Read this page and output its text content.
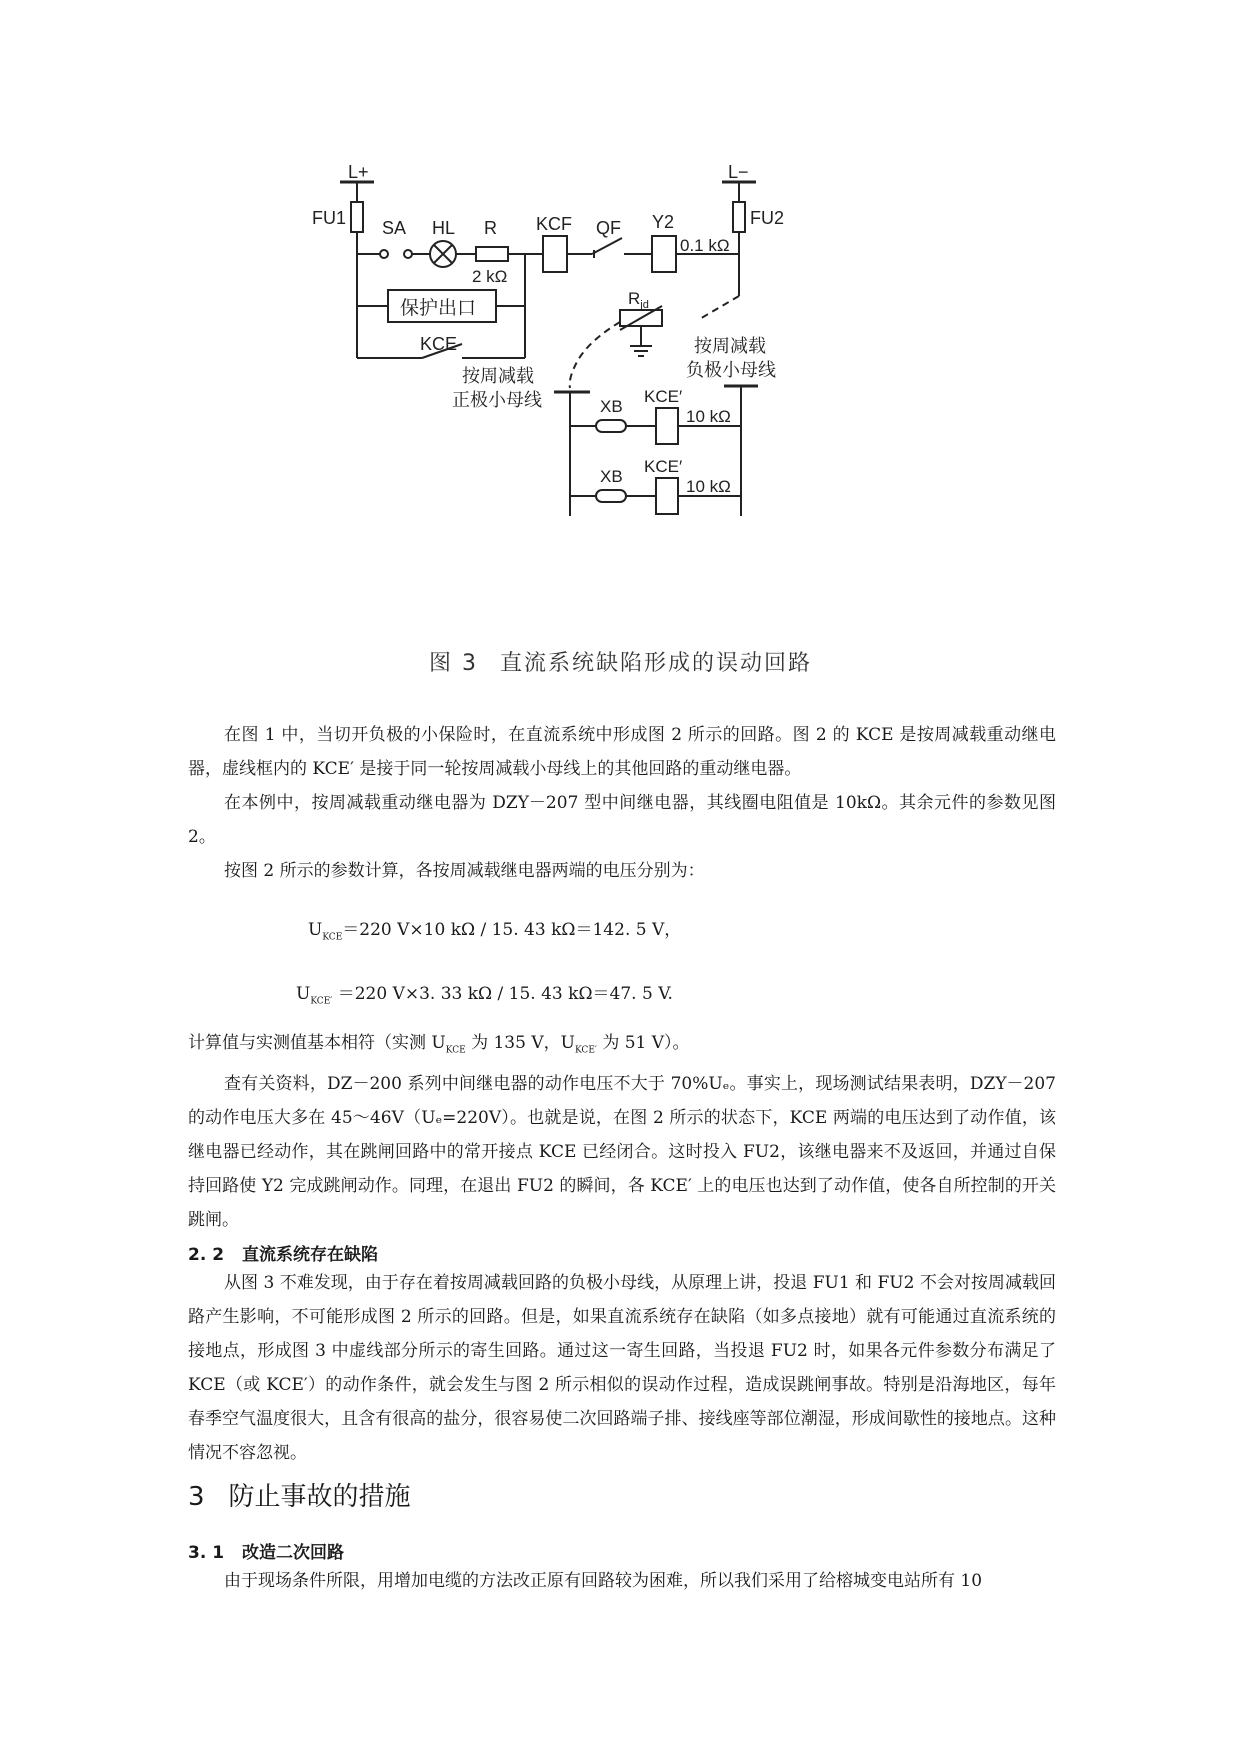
L+	L−
FU1	FU2
SA HL R
2 kΩ
KCF QF Y2
0.1 kΩ
保护出口
KCE
$R_{jd}$
按周减载
正极小母线
按周减载
负极小母线
XB
KCE′
10 kΩ
XB
KCE′
10 kΩ
图 3 直流系统缺陷形成的误动回路

在图 1 中，当切开负极的小保险时，在直流系统中形成图 2 所示的回路。图 2 的 KCE 是按周减载重动继电器，虚线框内的 KCE′ 是接于同一轮按周减载小母线上的其他回路的重动继电器。

在本例中，按周减载重动继电器为 DZY－207 型中间继电器，其线圈电阻值是 10kΩ。其余元件的参数见图 2。

按图 2 所示的参数计算，各按周减载继电器两端的电压分别为：

$U_{KCE}=220$ V×10 kΩ / 15. 43 kΩ＝142. 5 V，
$U_{KCE'} =220$ V×3. 33 kΩ / 15. 43 kΩ＝47. 5 V.

计算值与实测值基本相符（实测 $U_{KCE}$ 为 135 V，$U_{KCE'}$ 为 51 V）。

查有关资料，DZ－200 系列中间继电器的动作电压不大于 70%Uₑ。事实上，现场测试结果表明，DZY－207 的动作电压大多在 45～46V（Uₑ=220V）。也就是说，在图 2 所示的状态下，KCE 两端的电压达到了动作值，该继电器已经动作，其在跳闸回路中的常开接点 KCE 已经闭合。这时投入 FU2，该继电器来不及返回，并通过自保持回路使 Y2 完成跳闸动作。同理，在退出 FU2 的瞬间，各 KCE′ 上的电压也达到了动作值，使各自所控制的开关跳闸。

2. 2 直流系统存在缺陷

从图 3 不难发现，由于存在着按周减载回路的负极小母线，从原理上讲，投退 FU1 和 FU2 不会对按周减载回路产生影响，不可能形成图 2 所示的回路。但是，如果直流系统存在缺陷（如多点接地）就有可能通过直流系统的接地点，形成图 3 中虚线部分所示的寄生回路。通过这一寄生回路，当投退 FU2 时，如果各元件参数分布满足了 KCE（或 KCE′）的动作条件，就会发生与图 2 所示相似的误动作过程，造成误跳闸事故。特别是沿海地区，每年春季空气温度很大，且含有很高的盐分，很容易使二次回路端子排、接线座等部位潮湿，形成间歇性的接地点。这种情况不容忽视。

3 防止事故的措施
3. 1 改造二次回路

由于现场条件所限，用增加电缆的方法改正原有回路较为困难，所以我们采用了给榕城变电站所有 10
